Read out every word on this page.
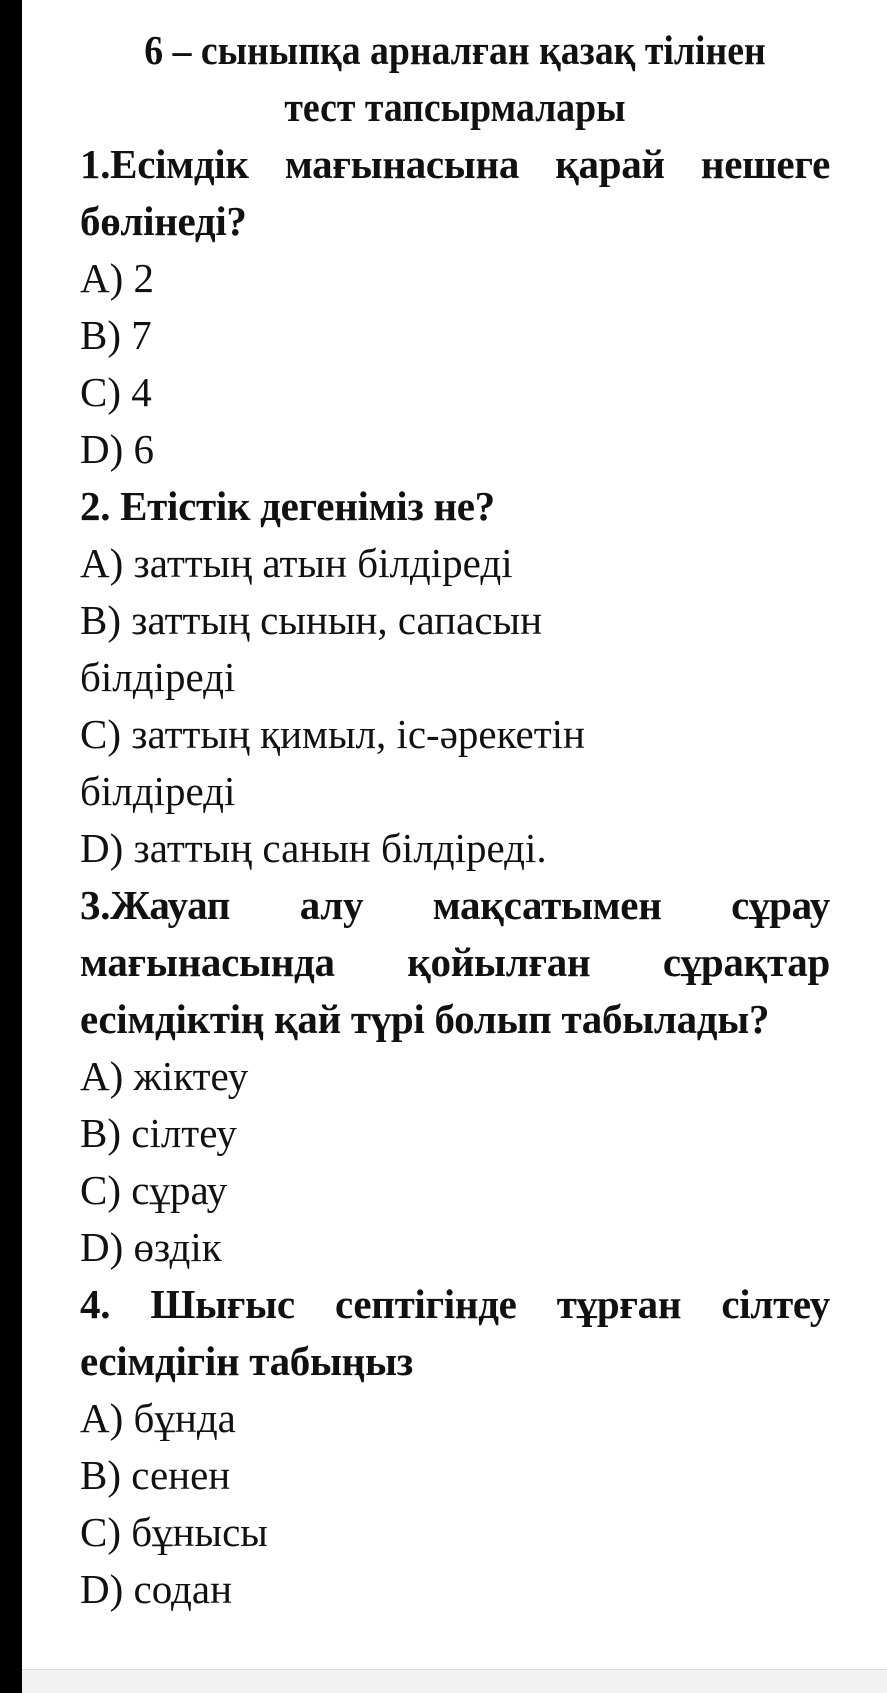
6 – сыныпқа арналған қазақ тілінен тест тапсырмалары

1.Есімдік мағынасына қарай нешеге бөлінеді?

А) 2

В) 7

С) 4

D) 6

2. Етістік дегеніміз не?

А) заттың атын білдіреді

В) заттың сынын, сапасын білдіреді

С) заттың қимыл, іс-әрекетін білдіреді

D) заттың санын білдіреді.

3.Жауап алу мақсатымен сұрау мағынасында қойылған сұрақтар есімдіктің қай түрі болып табылады?

А) жіктеу

В) сілтеу

С) сұрау

D) өздік

4. Шығыс септігінде тұрған сілтеу есімдігін табыңыз

А) бұнда

В) сенен

С) бұнысы

D) содан
